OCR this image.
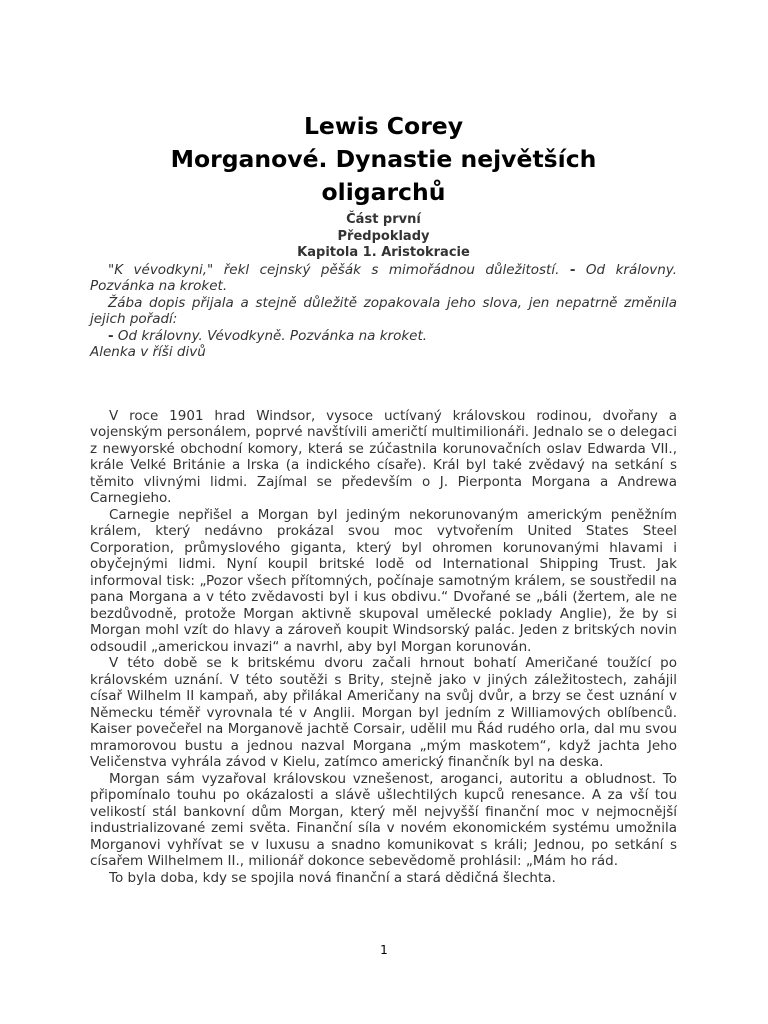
Lewis Corey
Morganové. Dynastie největších
oligarchů
Část první
Předpoklady
Kapitola 1. Aristokracie

"K vévodkyni," řekl cejnský pěšák s mimořádnou důležitostí. - Od královny. Pozvánka na kroket.

Žába dopis přijala a stejně důležitě zopakovala jeho slova, jen nepatrně změnila jejich pořadí:

- Od královny. Vévodkyně. Pozvánka na kroket.

Alenka v říši divů

V roce 1901 hrad Windsor, vysoce uctívaný královskou rodinou, dvořany a vojenským personálem, poprvé navštívili američtí multimilionáři. Jednalo se o delegaci z newyorské obchodní komory, která se zúčastnila korunovačních oslav Edwarda VII., krále Velké Británie a Irska (a indického císaře). Král byl také zvědavý na setkání s těmito vlivnými lidmi. Zajímal se především o J. Pierponta Morgana a Andrewa Carnegieho.

Carnegie nepřišel a Morgan byl jediným nekorunovaným americkým peněžním králem, který nedávno prokázal svou moc vytvořením United States Steel Corporation, průmyslového giganta, který byl ohromen korunovanými hlavami i obyčejnými lidmi. Nyní koupil britské lodě od International Shipping Trust. Jak informoval tisk: „Pozor všech přítomných, počínaje samotným králem, se soustředil na pana Morgana a v této zvědavosti byl i kus obdivu.“ Dvořané se „báli (žertem, ale ne bezdůvodně, protože Morgan aktivně skupoval umělecké poklady Anglie), že by si Morgan mohl vzít do hlavy a zároveň koupit Windsorský palác. Jeden z britských novin odsoudil „americkou invazi“ a navrhl, aby byl Morgan korunován.

V této době se k britskému dvoru začali hrnout bohatí Američané toužící po královském uznání. V této soutěži s Brity, stejně jako v jiných záležitostech, zahájil císař Wilhelm II kampaň, aby přilákal Američany na svůj dvůr, a brzy se čest uznání v Německu téměř vyrovnala té v Anglii. Morgan byl jedním z Williamových oblíbenců. Kaiser povečeřel na Morganově jachtě Corsair, udělil mu Řád rudého orla, dal mu svou mramorovou bustu a jednou nazval Morgana „mým maskotem“, když jachta Jeho Veličenstva vyhrála závod v Kielu, zatímco americký finančník byl na deska.

Morgan sám vyzařoval královskou vznešenost, aroganci, autoritu a obludnost. To připomínalo touhu po okázalosti a slávě ušlechtilých kupců renesance. A za vší tou velikostí stál bankovní dům Morgan, který měl nejvyšší finanční moc v nejmocnější industrializované zemi světa. Finanční síla v novém ekonomickém systému umožnila Morganovi vyhřívat se v luxusu a snadno komunikovat s králi; Jednou, po setkání s císařem Wilhelmem II., milionář dokonce sebevědomě prohlásil: „Mám ho rád.

To byla doba, kdy se spojila nová finanční a stará dědičná šlechta.

1
